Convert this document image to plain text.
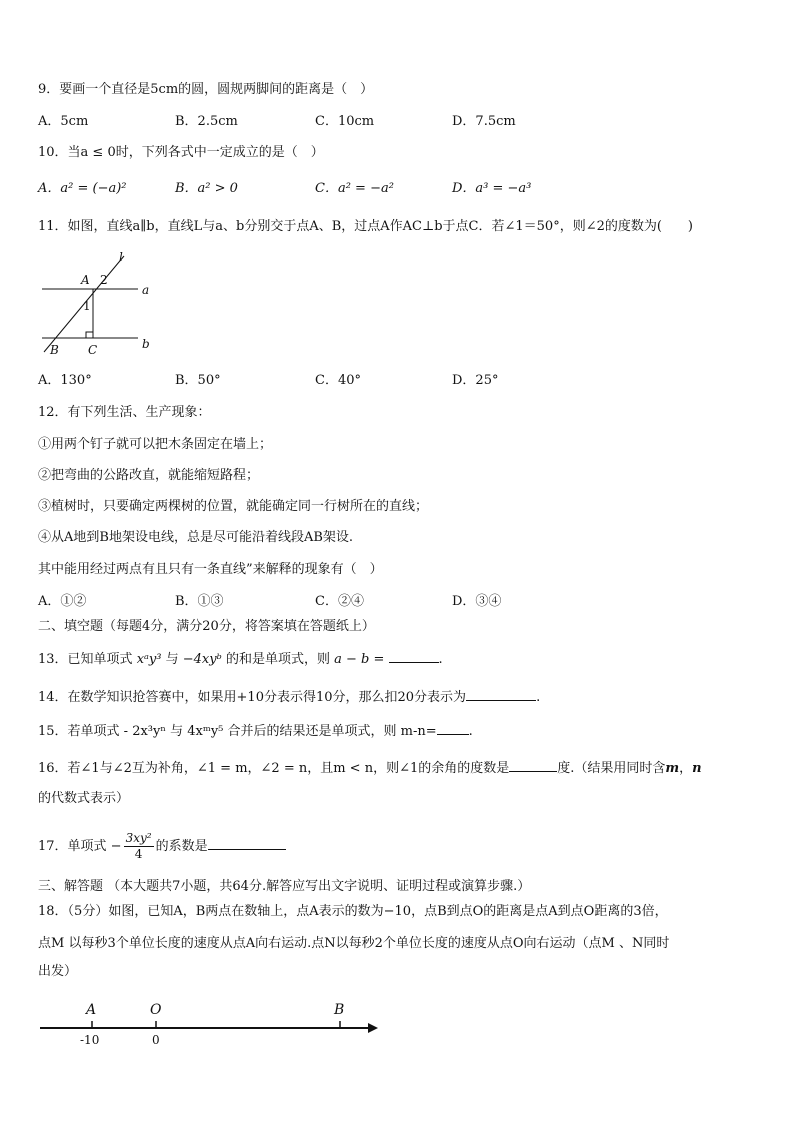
9．要画一个直径是5cm的圆，圆规两脚间的距离是（　）
A．5cm	B．2.5cm	C．10cm	D．7.5cm
10．当a ≤ 0时，下列各式中一定成立的是（　）
A．a² = (−a)²	B．a² > 0	C．a² = −a²	D．a³ = −a³
11．如图，直线a∥b，直线L与a、b分别交于点A、B，过点A作AC⊥b于点C．若∠1＝50°，则∠2的度数为(　　)
l
A 2
a
1
B C	b
A．130°	B．50°	C．40°	D．25°
12．有下列生活、生产现象：
①用两个钉子就可以把木条固定在墙上；
②把弯曲的公路改直，就能缩短路程；
③植树时，只要确定两棵树的位置，就能确定同一行树所在的直线；
④从A地到B地架设电线，总是尽可能沿着线段AB架设.
其中能用经过两点有且只有一条直线”来解释的现象有（　）
A．①②	B．①③	C．②④	D．③④
二、填空题（每题4分，满分20分，将答案填在答题纸上）
13．已知单项式 xᵃy³ 与 −4xyᵇ 的和是单项式，则 a − b =	.
14．在数学知识抢答赛中，如果用+10分表示得10分，那么扣20分表示为	.
15．若单项式 - 2x³yⁿ 与 4xᵐy⁵ 合并后的结果还是单项式，则 m-n= .
16．若∠1与∠2互为补角，∠1 = m，∠2 = n，且m < n，则∠1的余角的度数是	度.（结果用同时含m，n
的代数式表示）
17．单项式 − $\frac{\text{3xy²}}{4}$ 的系数是
三、解答题 （本大题共7小题，共64分.解答应写出文字说明、证明过程或演算步骤.）
18．（5分）如图，已知A，B两点在数轴上，点A表示的数为−10，点B到点O的距离是点A到点O距离的3倍，
点M 以每秒3个单位长度的速度从点A向右运动.点N以每秒2个单位长度的速度从点O向右运动（点M 、N同时
出发）
A	O	B
-10	0
